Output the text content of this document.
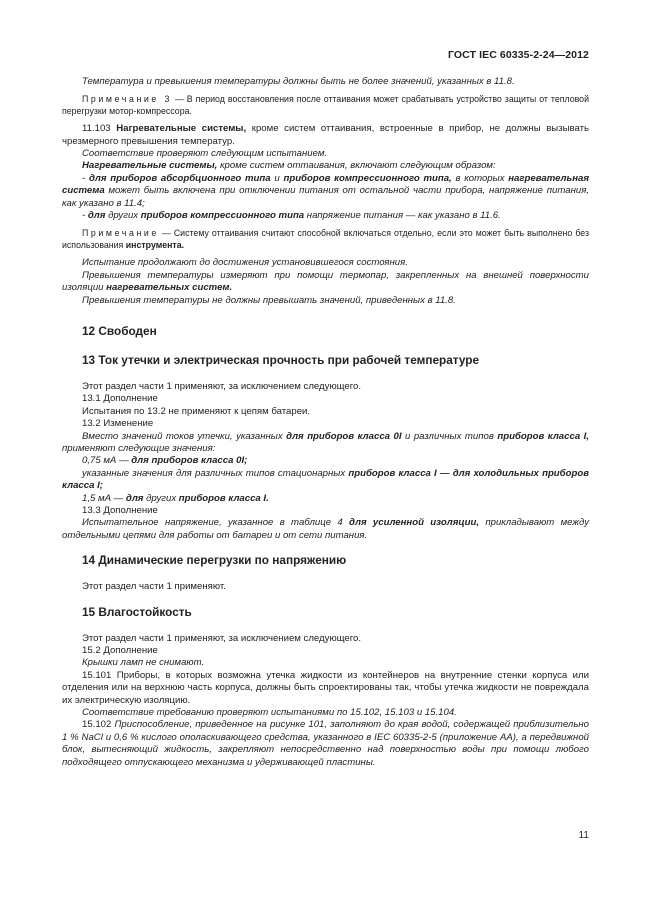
ГОСТ IEC 60335-2-24—2012

Температура и превышения температуры должны быть не более значений, указанных в 11.8.

Примечание 3 — В период восстановления после оттаивания может срабатывать устройство защиты от тепловой перегрузки мотор-компрессора.

11.103 Нагревательные системы, кроме систем оттаивания, встроенные в прибор, не должны вызывать чрезмерного превышения температур.

Соответствие проверяют следующим испытанием.

Нагревательные системы, кроме систем оттаивания, включают следующим образом:

- для приборов абсорбционного типа и приборов компрессионного типа, в которых нагревательная система может быть включена при отключении питания от остальной части прибора, напряжение питания, как указано в 11.4;

- для других приборов компрессионного типа напряжение питания — как указано в 11.6.

Примечание — Систему оттаивания считают способной включаться отдельно, если это может быть выполнено без использования инструмента.

Испытание продолжают до достижения установившегося состояния.

Превышения температуры измеряют при помощи термопар, закрепленных на внешней поверхности изоляции нагревательных систем.

Превышения температуры не должны превышать значений, приведенных в 11.8.

12 Свободен
13 Ток утечки и электрическая прочность при рабочей температуре

Этот раздел части 1 применяют, за исключением следующего.

13.1 Дополнение

Испытания по 13.2 не применяют к цепям батареи.

13.2 Изменение

Вместо значений токов утечки, указанных для приборов класса 0I и различных типов приборов класса I, применяют следующие значения:

0,75 мА — для приборов класса 0I;

указанные значения для различных типов стационарных приборов класса I — для холодильных приборов класса I;

1,5 мА — для других приборов класса I.

13.3 Дополнение

Испытательное напряжение, указанное в таблице 4 для усиленной изоляции, прикладывают между отдельными цепями для работы от батареи и от сети питания.

14 Динамические перегрузки по напряжению

Этот раздел части 1 применяют.

15 Влагостойкость

Этот раздел части 1 применяют, за исключением следующего.

15.2 Дополнение

Крышки ламп не снимают.

15.101 Приборы, в которых возможна утечка жидкости из контейнеров на внутренние стенки корпуса или отделения или на верхнюю часть корпуса, должны быть спроектированы так, чтобы утечка жидкости не повреждала их электрическую изоляцию.

Соответствие требованию проверяют испытаниями по 15.102, 15.103 и 15.104.

15.102 Приспособление, приведенное на рисунке 101, заполняют до края водой, содержащей приблизительно 1 % NaCl и 0,6 % кислого ополаскивающего средства, указанного в IEC 60335-2-5 (приложение AA), а передвижной блок, вытесняющий жидкость, закрепляют непосредственно над поверхностью воды при помощи любого подходящего отпускающего механизма и удерживающей пластины.

11
